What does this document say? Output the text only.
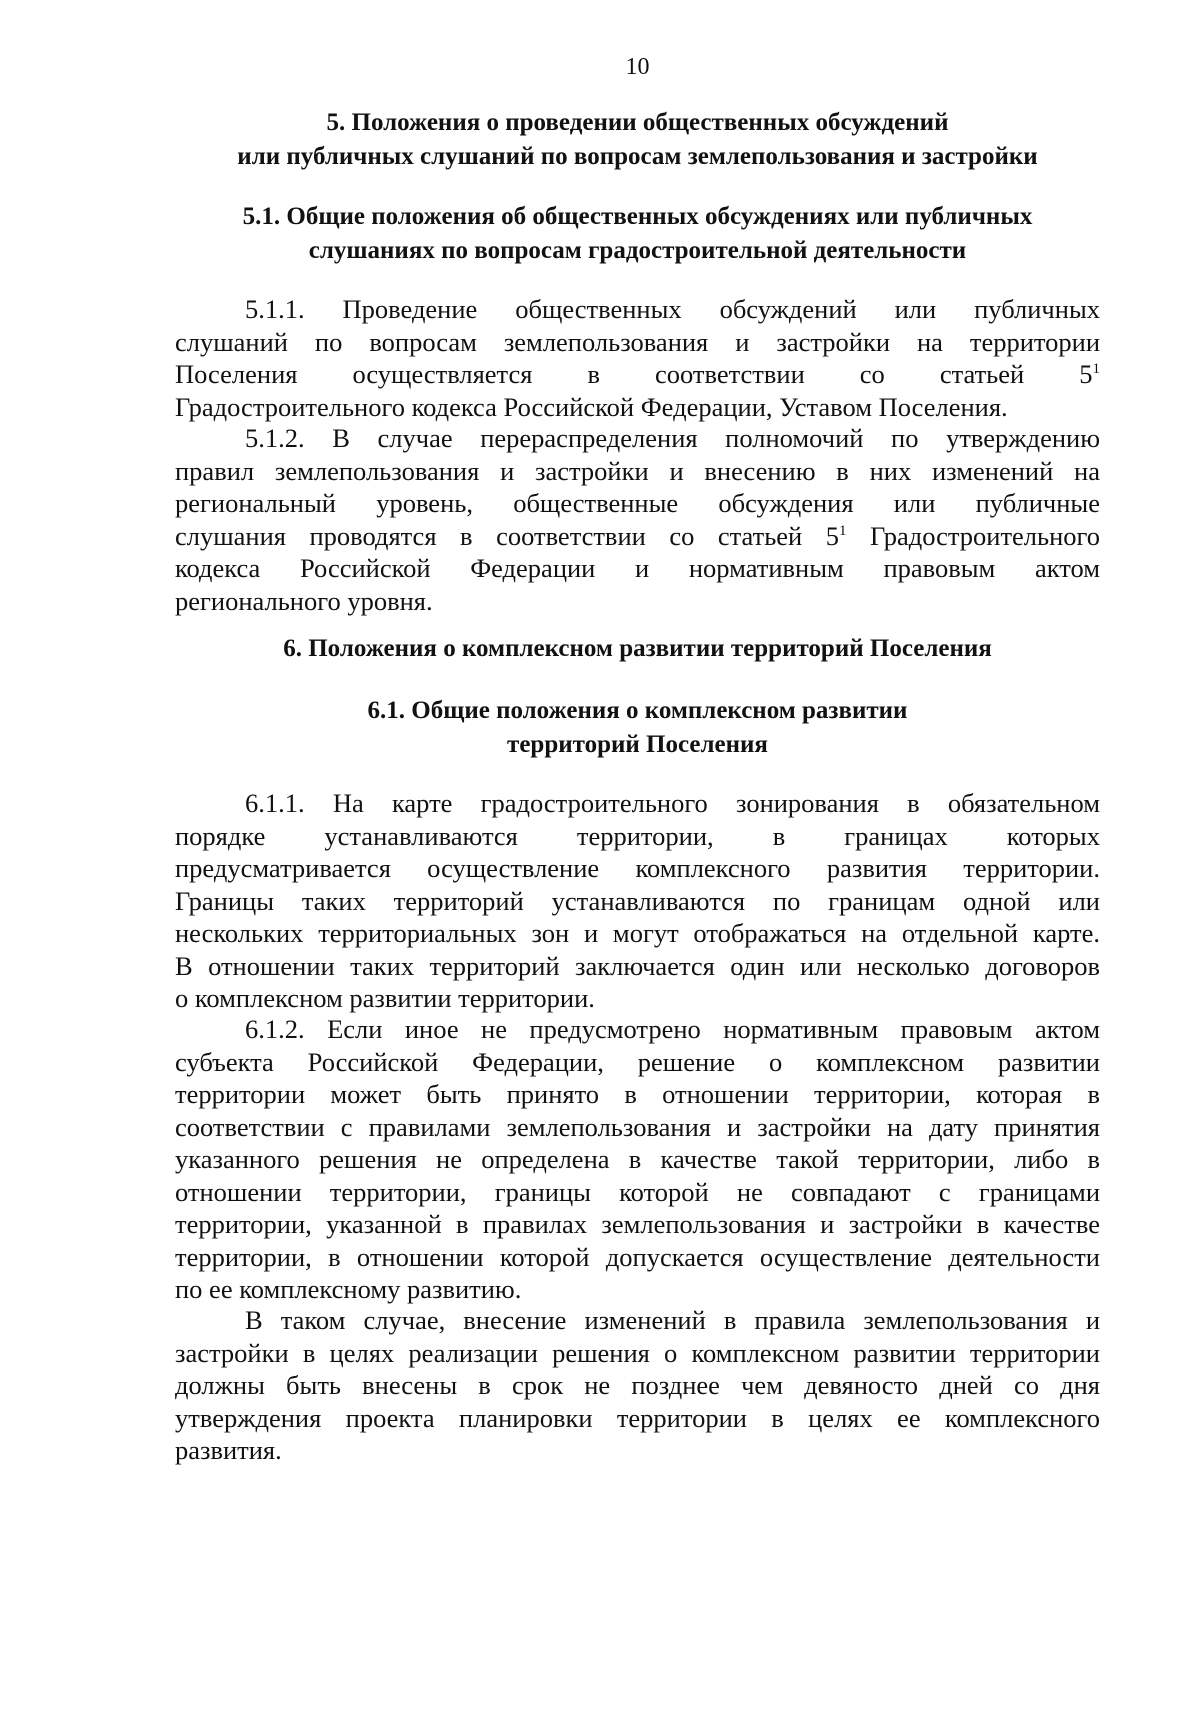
10
5. Положения о проведении общественных обсуждений
или публичных слушаний по вопросам землепользования и застройки
5.1. Общие положения об общественных обсуждениях или публичных
слушаниях по вопросам градостроительной деятельности
5.1.1. Проведение общественных обсуждений или публичных
слушаний по вопросам землепользования и застройки на территории
Поселения осуществляется в соответствии со статьей $5^1$
Градостроительного кодекса Российской Федерации, Уставом Поселения.
5.1.2. В случае перераспределения полномочий по утверждению
правил землепользования и застройки и внесению в них изменений на
региональный уровень, общественные обсуждения или публичные
слушания проводятся в соответствии со статьей $5^1$ Градостроительного
кодекса Российской Федерации и нормативным правовым актом
регионального уровня.
6. Положения о комплексном развитии территорий Поселения
6.1. Общие положения о комплексном развитии
территорий Поселения
6.1.1. На карте градостроительного зонирования в обязательном
порядке устанавливаются территории, в границах которых
предусматривается осуществление комплексного развития территории.
Границы таких территорий устанавливаются по границам одной или
нескольких территориальных зон и могут отображаться на отдельной карте.
В отношении таких территорий заключается один или несколько договоров
о комплексном развитии территории.
6.1.2. Если иное не предусмотрено нормативным правовым актом
субъекта Российской Федерации, решение о комплексном развитии
территории может быть принято в отношении территории, которая в
соответствии с правилами землепользования и застройки на дату принятия
указанного решения не определена в качестве такой территории, либо в
отношении территории, границы которой не совпадают с границами
территории, указанной в правилах землепользования и застройки в качестве
территории, в отношении которой допускается осуществление деятельности
по ее комплексному развитию.
В таком случае, внесение изменений в правила землепользования и
застройки в целях реализации решения о комплексном развитии территории
должны быть внесены в срок не позднее чем девяносто дней со дня
утверждения проекта планировки территории в целях ее комплексного
развития.
